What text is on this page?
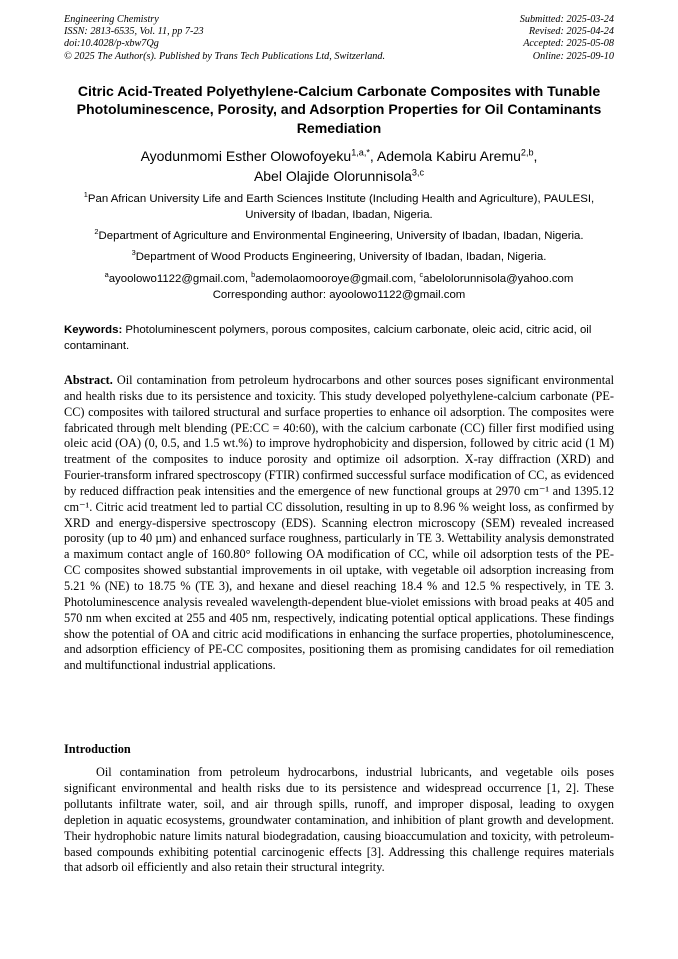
Engineering Chemistry
ISSN: 2813-6535, Vol. 11, pp 7-23
doi:10.4028/p-xbw7Qg
© 2025 The Author(s). Published by Trans Tech Publications Ltd, Switzerland.
Submitted: 2025-03-24
Revised: 2025-04-24
Accepted: 2025-05-08
Online: 2025-09-10
Citric Acid-Treated Polyethylene-Calcium Carbonate Composites with Tunable Photoluminescence, Porosity, and Adsorption Properties for Oil Contaminants Remediation
Ayodunmomi Esther Olowofoyeku$^{1,a,*}$, Ademola Kabiru Aremu$^{2,b}$,
Abel Olajide Olorunnisola$^{3,c}$
$^1$Pan African University Life and Earth Sciences Institute (Including Health and Agriculture), PAULESI, University of Ibadan, Ibadan, Nigeria.
$^2$Department of Agriculture and Environmental Engineering, University of Ibadan, Ibadan, Nigeria.
$^3$Department of Wood Products Engineering, University of Ibadan, Ibadan, Nigeria.
$^a$ayoolowo1122@gmail.com, $^b$ademolaomooroye@gmail.com, $^c$abelolorunnisola@yahoo.com
Corresponding author: ayoolowo1122@gmail.com
Keywords: Photoluminescent polymers, porous composites, calcium carbonate, oleic acid, citric acid, oil contaminant.
Abstract. Oil contamination from petroleum hydrocarbons and other sources poses significant environmental and health risks due to its persistence and toxicity. This study developed polyethylene-calcium carbonate (PE-CC) composites with tailored structural and surface properties to enhance oil adsorption. The composites were fabricated through melt blending (PE:CC = 40:60), with the calcium carbonate (CC) filler first modified using oleic acid (OA) (0, 0.5, and 1.5 wt.%) to improve hydrophobicity and dispersion, followed by citric acid (1 M) treatment of the composites to induce porosity and optimize oil adsorption. X-ray diffraction (XRD) and Fourier-transform infrared spectroscopy (FTIR) confirmed successful surface modification of CC, as evidenced by reduced diffraction peak intensities and the emergence of new functional groups at 2970 cm⁻¹ and 1395.12 cm⁻¹. Citric acid treatment led to partial CC dissolution, resulting in up to 8.96 % weight loss, as confirmed by XRD and energy-dispersive spectroscopy (EDS). Scanning electron microscopy (SEM) revealed increased porosity (up to 40 µm) and enhanced surface roughness, particularly in TE 3. Wettability analysis demonstrated a maximum contact angle of 160.80° following OA modification of CC, while oil adsorption tests of the PE-CC composites showed substantial improvements in oil uptake, with vegetable oil adsorption increasing from 5.21 % (NE) to 18.75 % (TE 3), and hexane and diesel reaching 18.4 % and 12.5 % respectively, in TE 3. Photoluminescence analysis revealed wavelength-dependent blue-violet emissions with broad peaks at 405 and 570 nm when excited at 255 and 405 nm, respectively, indicating potential optical applications. These findings show the potential of OA and citric acid modifications in enhancing the surface properties, photoluminescence, and adsorption efficiency of PE-CC composites, positioning them as promising candidates for oil remediation and multifunctional industrial applications.
Introduction
Oil contamination from petroleum hydrocarbons, industrial lubricants, and vegetable oils poses significant environmental and health risks due to its persistence and widespread occurrence [1, 2]. These pollutants infiltrate water, soil, and air through spills, runoff, and improper disposal, leading to oxygen depletion in aquatic ecosystems, groundwater contamination, and inhibition of plant growth and development. Their hydrophobic nature limits natural biodegradation, causing bioaccumulation and toxicity, with petroleum-based compounds exhibiting potential carcinogenic effects [3]. Addressing this challenge requires materials that adsorb oil efficiently and also retain their structural integrity.
